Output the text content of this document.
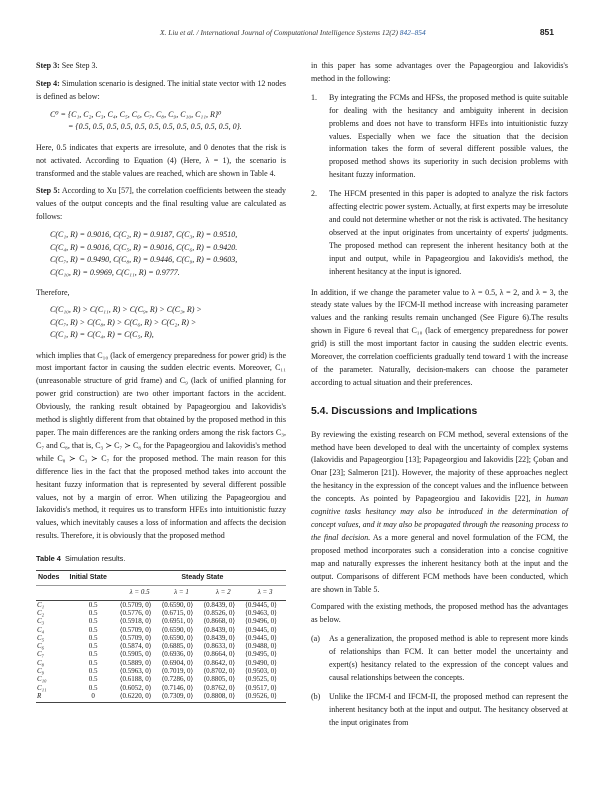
X. Liu et al. / International Journal of Computational Intelligence Systems 12(2) 842–854	851

Step 3: See Step 3.

Step 4: Simulation scenario is designed. The initial state vector with 12 nodes is defined as below:

C⁰ = {C₁, C₂, C₃, C₄, C₅, C₆, C₇, C₈, C₉, C₁₀, C₁₁, R}⁰
= {0.5, 0.5, 0.5, 0.5, 0.5, 0.5, 0.5, 0.5, 0.5, 0.5, 0.5, 0}.

Here, 0.5 indicates that experts are irresolute, and 0 denotes that the risk is not activated. According to Equation (4) (Here, λ = 1), the scenario is transformed and the stable values are reached, which are shown in Table 4.

Step 5: According to Xu [57], the correlation coefficients between the steady values of the output concepts and the final resulting value are calculated as follows:

C(C₁, R) = 0.9016, C(C₂, R) = 0.9187, C(C₃, R) = 0.9510,
C(C₄, R) = 0.9016, C(C₅, R) = 0.9016, C(C₆, R) = 0.9420.
C(C₇, R) = 0.9490, C(C₈, R) = 0.9446, C(C₉, R) = 0.9603,
C(C₁₀, R) = 0.9969, C(C₁₁, R) = 0.9777.

Therefore,

C(C₁₀, R) > C(C₁₁, R) > C(C₉, R) > C(C₃, R) >
C(C₇, R) > C(C₈, R) > C(C₆, R) > C(C₂, R) >
C(C₁, R) = C(C₄, R) = C(C₅, R),

which implies that C₁₀ (lack of emergency preparedness for power grid) is the most important factor in causing the sudden electric events. Moreover, C₁₁ (unreasonable structure of grid frame) and C₉ (lack of unified planning for power grid construction) are two other important factors in the accident. Obviously, the ranking result obtained by Papageorgiou and Iakovidis's method is slightly different from that obtained by the proposed method in this paper. The main differences are the ranking orders among the risk factors C₃, C₇ and C₈, that is, C₃ ≻ C₇ ≻ C₈ for the Papageorgiou and Iakovidis's method while C₈ ≻ C₃ ≻ C₇ for the proposed method. The main reason for this difference lies in the fact that the proposed method takes into account the hesitant fuzzy information that is represented by several different possible values, not by a margin of error. When utilizing the Papageorgiou and Iakovidis's method, it requires us to transform HFEs into intuitionistic fuzzy values, which inevitably causes a loss of information and affects the decision results. Therefore, it is obviously that the proposed method

Table 4 Simulation results.
Nodes	Initial State	Steady State			
		λ = 0.5	λ = 1	λ = 2	λ = 3
C₁	0.5	⟨0.5709, 0⟩	⟨0.6590, 0⟩	⟨0.8439, 0⟩	⟨0.9445, 0⟩
C₂	0.5	⟨0.5776, 0⟩	⟨0.6715, 0⟩	⟨0.8526, 0⟩	⟨0.9463, 0⟩
C₃	0.5	⟨0.5918, 0⟩	⟨0.6951, 0⟩	⟨0.8668, 0⟩	⟨0.9496, 0⟩
C₄	0.5	⟨0.5709, 0⟩	⟨0.6590, 0⟩	⟨0.8439, 0⟩	⟨0.9445, 0⟩
C₅	0.5	⟨0.5709, 0⟩	⟨0.6590, 0⟩	⟨0.8439, 0⟩	⟨0.9445, 0⟩
C₆	0.5	⟨0.5874, 0⟩	⟨0.6885, 0⟩	⟨0.8633, 0⟩	⟨0.9488, 0⟩
C₇	0.5	⟨0.5905, 0⟩	⟨0.6936, 0⟩	⟨0.8664, 0⟩	⟨0.9495, 0⟩
C₈	0.5	⟨0.5889, 0⟩	⟨0.6904, 0⟩	⟨0.8642, 0⟩	⟨0.9490, 0⟩
C₉	0.5	⟨0.5963, 0⟩	⟨0.7019, 0⟩	⟨0.8702, 0⟩	⟨0.9503, 0⟩
C₁₀	0.5	⟨0.6188, 0⟩	⟨0.7286, 0⟩	⟨0.8805, 0⟩	⟨0.9525, 0⟩
C₁₁	0.5	⟨0.6052, 0⟩	⟨0.7146, 0⟩	⟨0.8762, 0⟩	⟨0.9517, 0⟩
R	0	⟨0.6220, 0⟩	⟨0.7309, 0⟩	⟨0.8808, 0⟩	⟨0.9526, 0⟩

in this paper has some advantages over the Papageorgiou and Iakovidis's method in the following:

1. By integrating the FCMs and HFSs, the proposed method is quite suitable for dealing with the hesitancy and ambiguity inherent in decision problems and does not have to transform HFEs into intuitionistic fuzzy values. Especially when we face the situation that the decision information takes the form of several different possible values, the proposed method shows its superiority in such decision problems with hesitant fuzzy information.
2. The HFCM presented in this paper is adopted to analyze the risk factors affecting electric power system. Actually, at first experts may be irresolute and could not determine whether or not the risk is activated. The hesitancy observed at the input originates from uncertainty of experts' judgments. The proposed method can represent the inherent hesitancy both at the input and output, while in Papageorgiou and Iakovidis's method, the inherent hesitancy at the input is ignored.

In addition, if we change the parameter value to λ = 0.5, λ = 2, and λ = 3, the steady state values by the IFCM-II method increase with increasing parameter values and the ranking results remain unchanged (See Figure 6).The results shown in Figure 6 reveal that C₁₀ (lack of emergency preparedness for power grid) is still the most important factor in causing the sudden electric events. Moreover, the correlation coefficients gradually tend toward 1 with the increase of the parameter. Naturally, decision-makers can choose the parameter according to actual situation and their preferences.

5.4. Discussions and Implications

By reviewing the existing research on FCM method, several extensions of the method have been developed to deal with the uncertainty of complex systems (Iakovidis and Papageorgiou [13]; Papageorgiou and Iakovidis [22]; Çoban and Onar [23]; Salmeron [21]). However, the majority of these approaches neglect the hesitancy in the expression of the concept values and the influence between the concepts. As pointed by Papageorgiou and Iakovidis [22], in human cognitive tasks hesitancy may also be introduced in the determination of concept values, and it may also be propagated through the reasoning process to the final decision. As a more general and novel formulation of the FCM, the proposed method incorporates such a consideration into a concise cognitive map and naturally expresses the inherent hesitancy both at the input and the output. Comparisons of different FCM methods have been conducted, which are shown in Table 5.

Compared with the existing methods, the proposed method has the advantages as below.

(a) As a generalization, the proposed method is able to represent more kinds of relationships than FCM. It can better model the uncertainty and expert(s) hesitancy related to the expression of the concept values and causal relationships between the concepts.
(b) Unlike the IFCM-I and IFCM-II, the proposed method can represent the inherent hesitancy both at the input and output. The hesitancy observed at the input originates from
